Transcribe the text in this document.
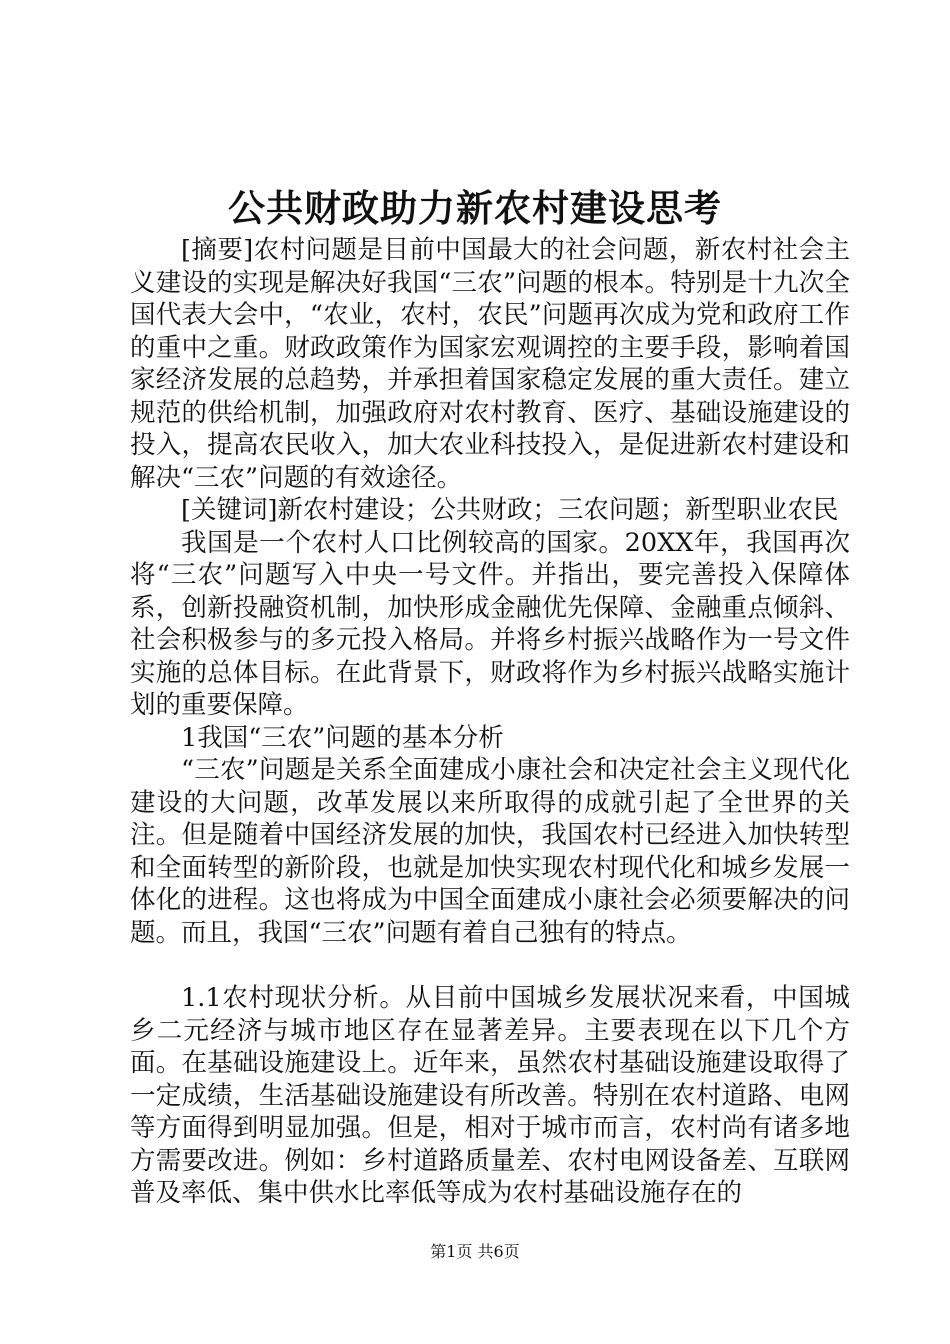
公共财政助力新农村建设思考

[摘要]农村问题是目前中国最大的社会问题，新农村社会主义建设的实现是解决好我国“三农”问题的根本。特别是十九次全国代表大会中，“农业，农村，农民”问题再次成为党和政府工作的重中之重。财政政策作为国家宏观调控的主要手段，影响着国家经济发展的总趋势，并承担着国家稳定发展的重大责任。建立规范的供给机制，加强政府对农村教育、医疗、基础设施建设的投入，提高农民收入，加大农业科技投入，是促进新农村建设和解决“三农”问题的有效途径。

[关键词]新农村建设；公共财政；三农问题；新型职业农民

我国是一个农村人口比例较高的国家。20XX年，我国再次将“三农”问题写入中央一号文件。并指出，要完善投入保障体系，创新投融资机制，加快形成金融优先保障、金融重点倾斜、社会积极参与的多元投入格局。并将乡村振兴战略作为一号文件实施的总体目标。在此背景下，财政将作为乡村振兴战略实施计划的重要保障。

1我国“三农”问题的基本分析

“三农”问题是关系全面建成小康社会和决定社会主义现代化建设的大问题，改革发展以来所取得的成就引起了全世界的关注。但是随着中国经济发展的加快，我国农村已经进入加快转型和全面转型的新阶段，也就是加快实现农村现代化和城乡发展一体化的进程。这也将成为中国全面建成小康社会必须要解决的问题。而且，我国“三农”问题有着自己独有的特点。

1.1农村现状分析。从目前中国城乡发展状况来看，中国城乡二元经济与城市地区存在显著差异。主要表现在以下几个方面。在基础设施建设上。近年来，虽然农村基础设施建设取得了一定成绩，生活基础设施建设有所改善。特别在农村道路、电网等方面得到明显加强。但是，相对于城市而言，农村尚有诸多地方需要改进。例如：乡村道路质量差、农村电网设备差、互联网普及率低、集中供水比率低等成为农村基础设施存在的

第1页 共6页
